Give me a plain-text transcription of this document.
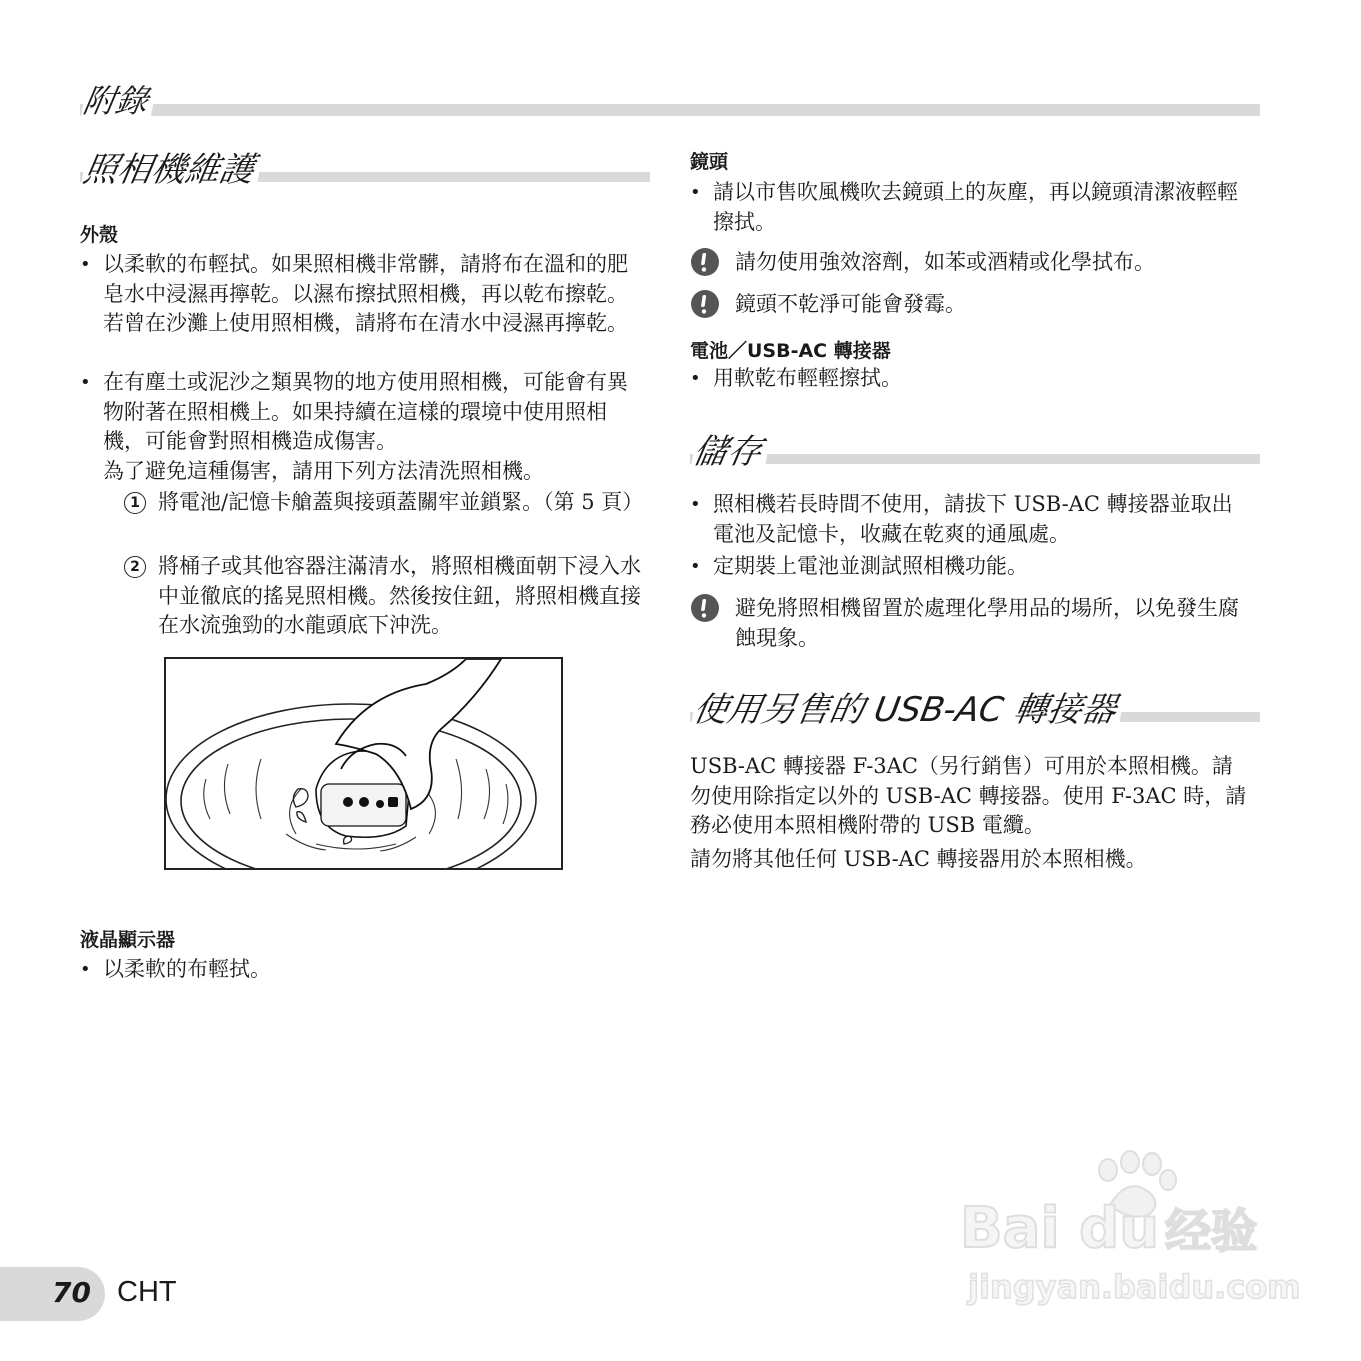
附錄
照相機維護
外殼
• 以柔軟的布輕拭。如果照相機非常髒，請將布在溫和的肥皂水中浸濕再擰乾。以濕布擦拭照相機，再以乾布擦乾。若曾在沙灘上使用照相機，請將布在清水中浸濕再擰乾。
• 在有塵土或泥沙之類異物的地方使用照相機，可能會有異物附著在照相機上。如果持續在這樣的環境中使用照相機，可能會對照相機造成傷害。
為了避免這種傷害，請用下列方法清洗照相機。
1 將電池/記憶卡艙蓋與接頭蓋關牢並鎖緊。（第 5 頁）
2 將桶子或其他容器注滿清水，將照相機面朝下浸入水中並徹底的搖晃照相機。然後按住鈕，將照相機直接在水流強勁的水龍頭底下沖洗。
液晶顯示器
• 以柔軟的布輕拭。
鏡頭
• 請以市售吹風機吹去鏡頭上的灰塵，再以鏡頭清潔液輕輕擦拭。
請勿使用強效溶劑，如苯或酒精或化學拭布。
鏡頭不乾淨可能會發霉。
電池／USB-AC 轉接器
• 用軟乾布輕輕擦拭。
儲存
• 照相機若長時間不使用，請拔下 USB-AC 轉接器並取出電池及記憶卡，收藏在乾爽的通風處。
• 定期裝上電池並測試照相機功能。
避免將照相機留置於處理化學用品的場所，以免發生腐蝕現象。
使用另售的 USB-AC 轉接器
USB-AC 轉接器 F-3AC（另行銷售）可用於本照相機。請勿使用除指定以外的 USB-AC 轉接器。使用 F-3AC 時，請務必使用本照相機附帶的 USB 電纜。
請勿將其他任何 USB-AC 轉接器用於本照相機。
70 CHT
Bai du 经验
jingyan.baidu.com
